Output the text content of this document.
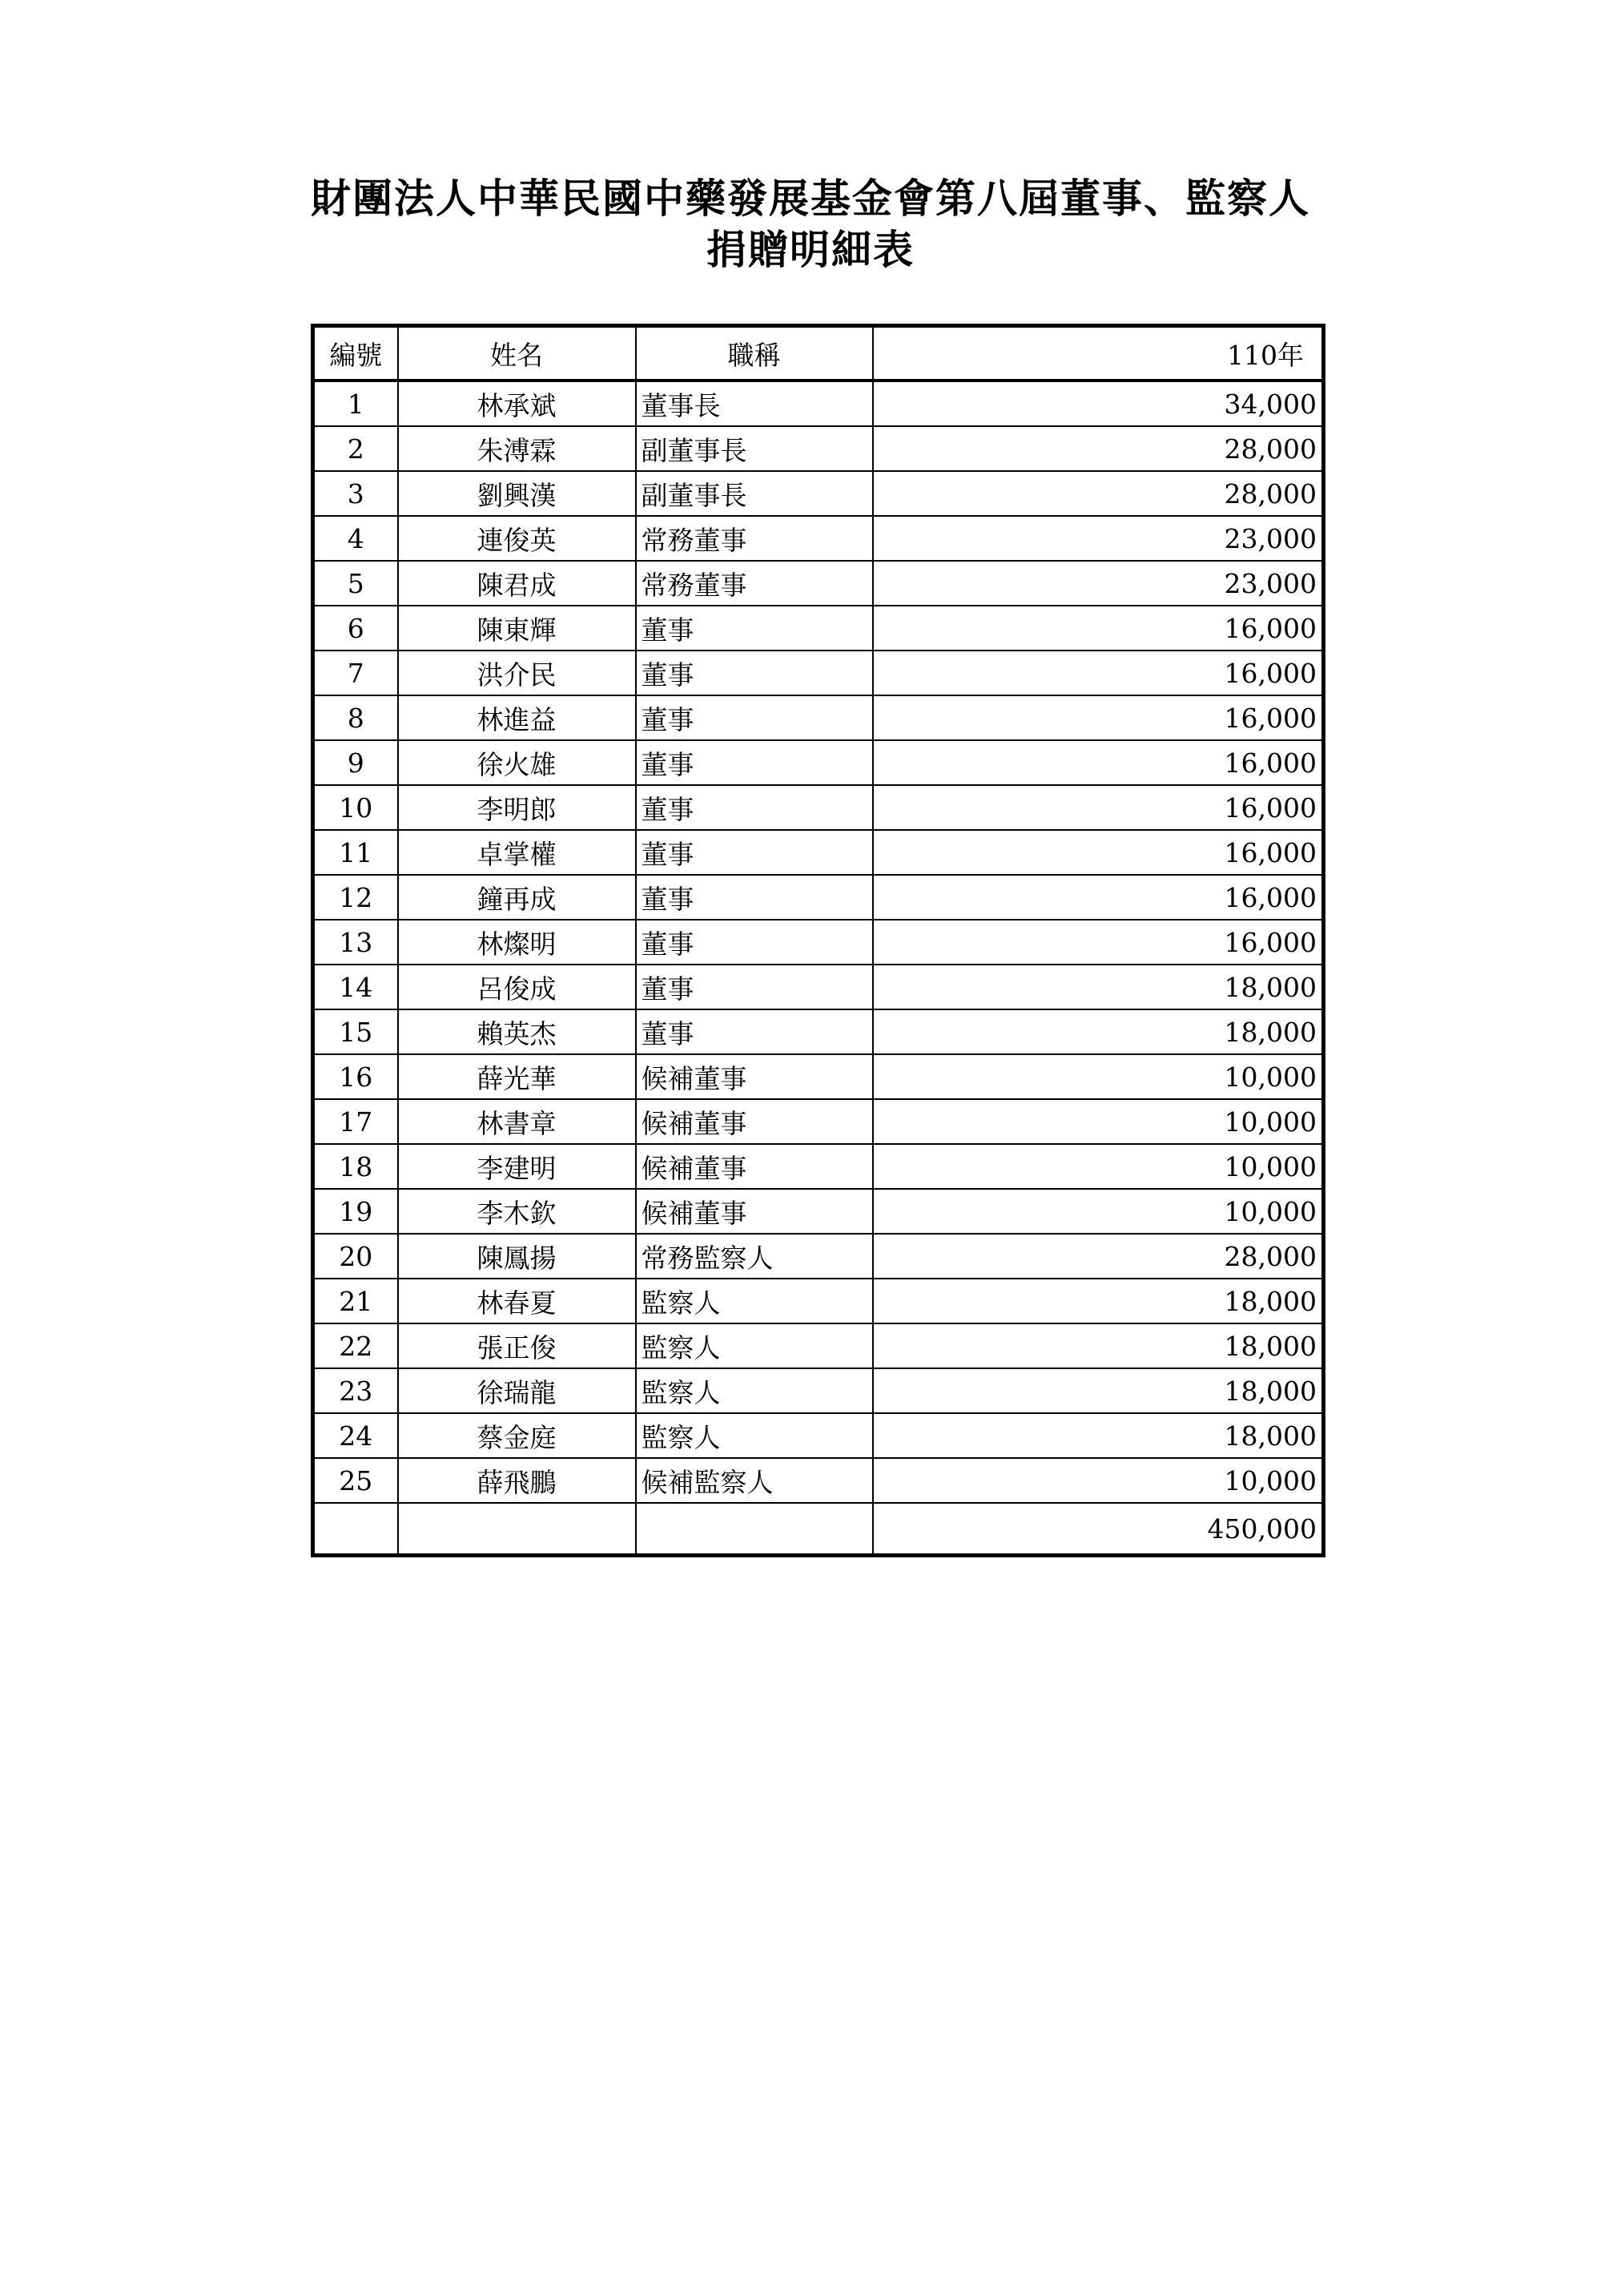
財團法人中華民國中藥發展基金會第八屆董事、監察人
捐贈明細表
編號	姓名	職稱	110年
1	林承斌	董事長	34,000
2	朱溥霖	副董事長	28,000
3	劉興漢	副董事長	28,000
4	連俊英	常務董事	23,000
5	陳君成	常務董事	23,000
6	陳東輝	董事	16,000
7	洪介民	董事	16,000
8	林進益	董事	16,000
9	徐火雄	董事	16,000
10	李明郎	董事	16,000
11	卓掌權	董事	16,000
12	鐘再成	董事	16,000
13	林燦明	董事	16,000
14	呂俊成	董事	18,000
15	賴英杰	董事	18,000
16	薛光華	候補董事	10,000
17	林書章	候補董事	10,000
18	李建明	候補董事	10,000
19	李木欽	候補董事	10,000
20	陳鳳揚	常務監察人	28,000
21	林春夏	監察人	18,000
22	張正俊	監察人	18,000
23	徐瑞龍	監察人	18,000
24	蔡金庭	監察人	18,000
25	薛飛鵬	候補監察人	10,000
			450,000
